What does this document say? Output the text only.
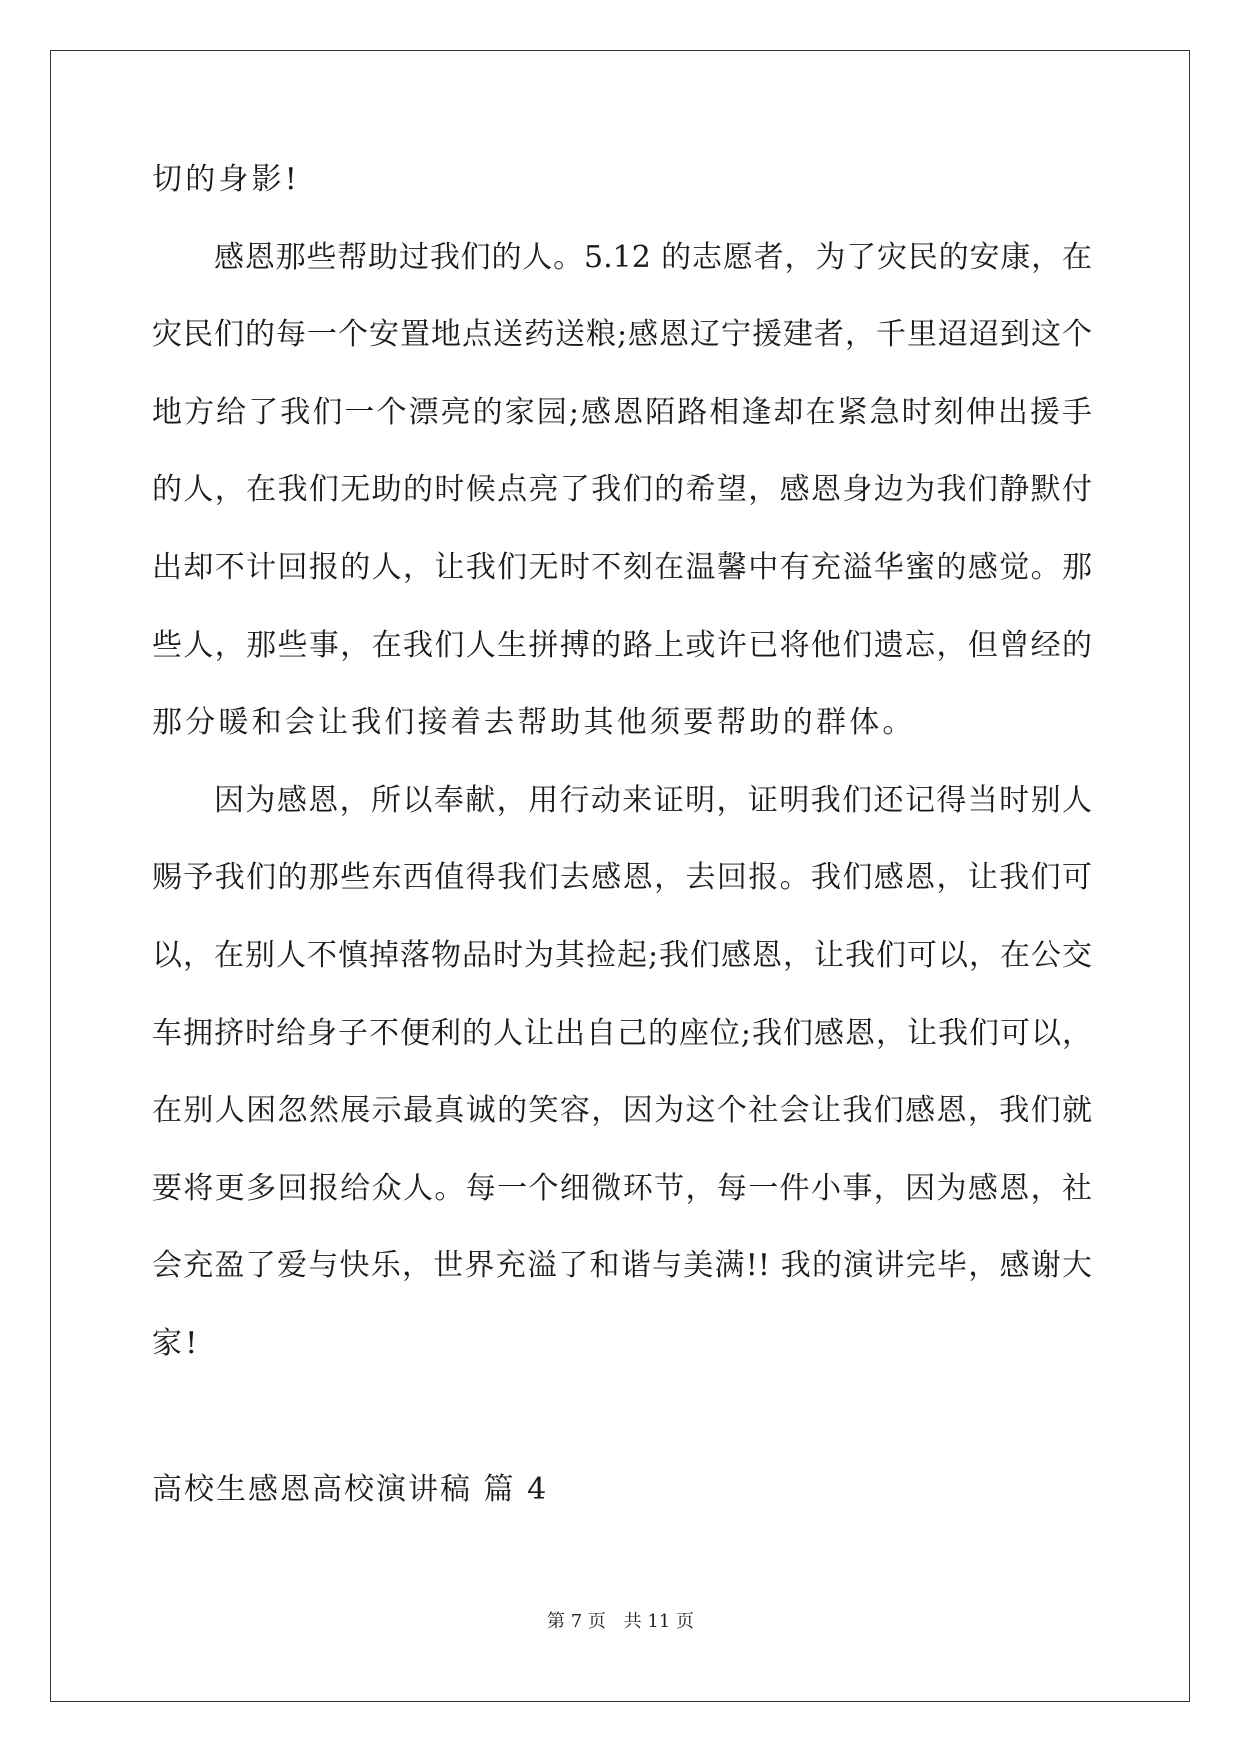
切的身影!
感恩那些帮助过我们的人。5.12 的志愿者，为了灾民的安康，在
灾民们的每一个安置地点送药送粮;感恩辽宁援建者，千里迢迢到这个
地方给了我们一个漂亮的家园;感恩陌路相逢却在紧急时刻伸出援手
的人，在我们无助的时候点亮了我们的希望，感恩身边为我们静默付
出却不计回报的人，让我们无时不刻在温馨中有充溢华蜜的感觉。那
些人，那些事，在我们人生拼搏的路上或许已将他们遗忘，但曾经的
那分暖和会让我们接着去帮助其他须要帮助的群体。
因为感恩，所以奉献，用行动来证明，证明我们还记得当时别人
赐予我们的那些东西值得我们去感恩，去回报。我们感恩，让我们可
以，在别人不慎掉落物品时为其捡起;我们感恩，让我们可以，在公交
车拥挤时给身子不便利的人让出自己的座位;我们感恩，让我们可以，
在别人困忽然展示最真诚的笑容，因为这个社会让我们感恩，我们就
要将更多回报给众人。每一个细微环节，每一件小事，因为感恩，社
会充盈了爱与快乐，世界充溢了和谐与美满!! 我的演讲完毕，感谢大
家!
高校生感恩高校演讲稿 篇 4
第 7 页 共 11 页
